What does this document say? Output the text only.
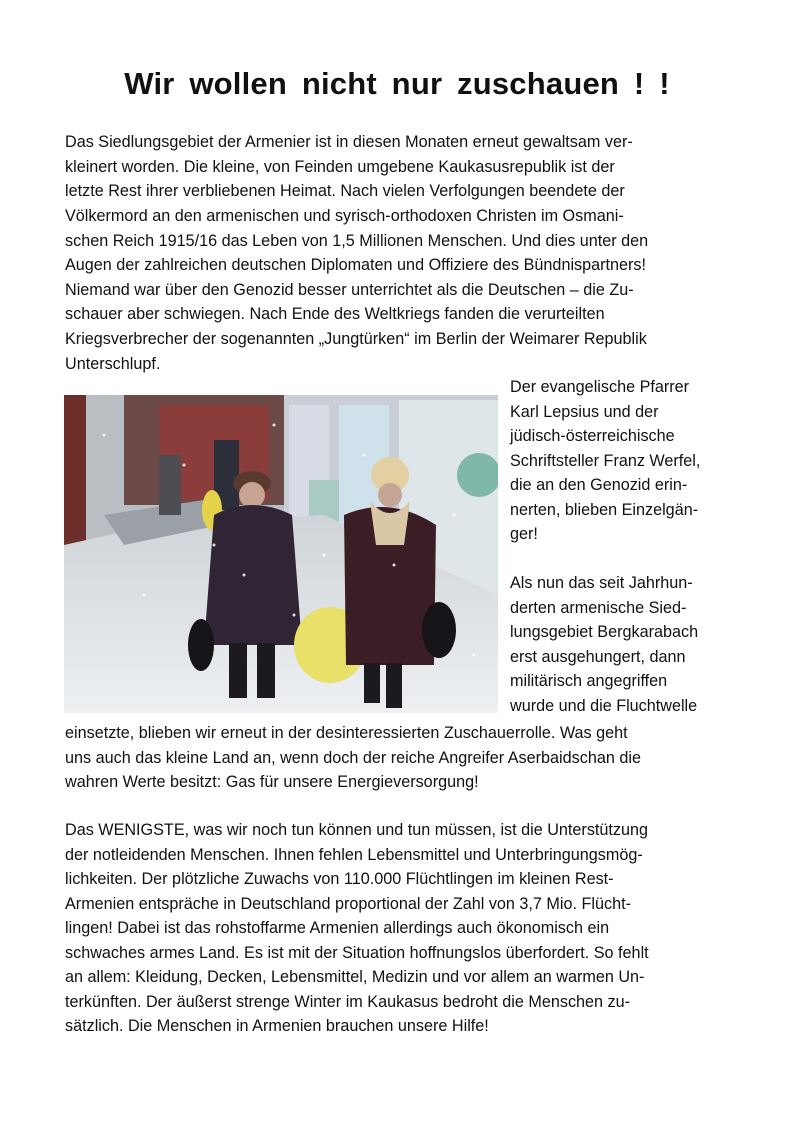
Wir wollen nicht nur zuschauen ! !
Das Siedlungsgebiet der Armenier ist in diesen Monaten erneut gewaltsam ver-
kleinert worden. Die kleine, von Feinden umgebene Kaukasusrepublik ist der
letzte Rest ihrer verbliebenen Heimat. Nach vielen Verfolgungen beendete der
Völkermord an den armenischen und syrisch-orthodoxen Christen im Osmani-
schen Reich 1915/16 das Leben von 1,5 Millionen Menschen. Und dies unter den
Augen der zahlreichen deutschen Diplomaten und Offiziere des Bündnispartners!
Niemand war über den Genozid besser unterrichtet als die Deutschen – die Zu-
schauer aber schwiegen. Nach Ende des Weltkriegs fanden die verurteilten
Kriegsverbrecher der sogenannten „Jungtürken“ im Berlin der Weimarer Republik
Unterschlupf.
Der evangelische Pfarrer
Karl Lepsius und der
jüdisch-österreichische
Schriftsteller Franz Werfel,
die an den Genozid erin-
nerten, blieben Einzelgän-
ger!
Als nun das seit Jahrhun-
derten armenische Sied-
lungsgebiet Bergkarabach
erst ausgehungert, dann
militärisch angegriffen
wurde und die Fluchtwelle
einsetzte, blieben wir erneut in der desinteressierten Zuschauerrolle. Was geht
uns auch das kleine Land an, wenn doch der reiche Angreifer Aserbaidschan die
wahren Werte besitzt: Gas für unsere Energieversorgung!
Das WENIGSTE, was wir noch tun können und tun müssen, ist die Unterstützung
der notleidenden Menschen. Ihnen fehlen Lebensmittel und Unterbringungsmög-
lichkeiten. Der plötzliche Zuwachs von 110.000 Flüchtlingen im kleinen Rest-
Armenien entspräche in Deutschland proportional der Zahl von 3,7 Mio. Flücht-
lingen! Dabei ist das rohstoffarme Armenien allerdings auch ökonomisch ein
schwaches armes Land. Es ist mit der Situation hoffnungslos überfordert. So fehlt
an allem: Kleidung, Decken, Lebensmittel, Medizin und vor allem an warmen Un-
terkünften. Der äußerst strenge Winter im Kaukasus bedroht die Menschen zu-
sätzlich. Die Menschen in Armenien brauchen unsere Hilfe!
